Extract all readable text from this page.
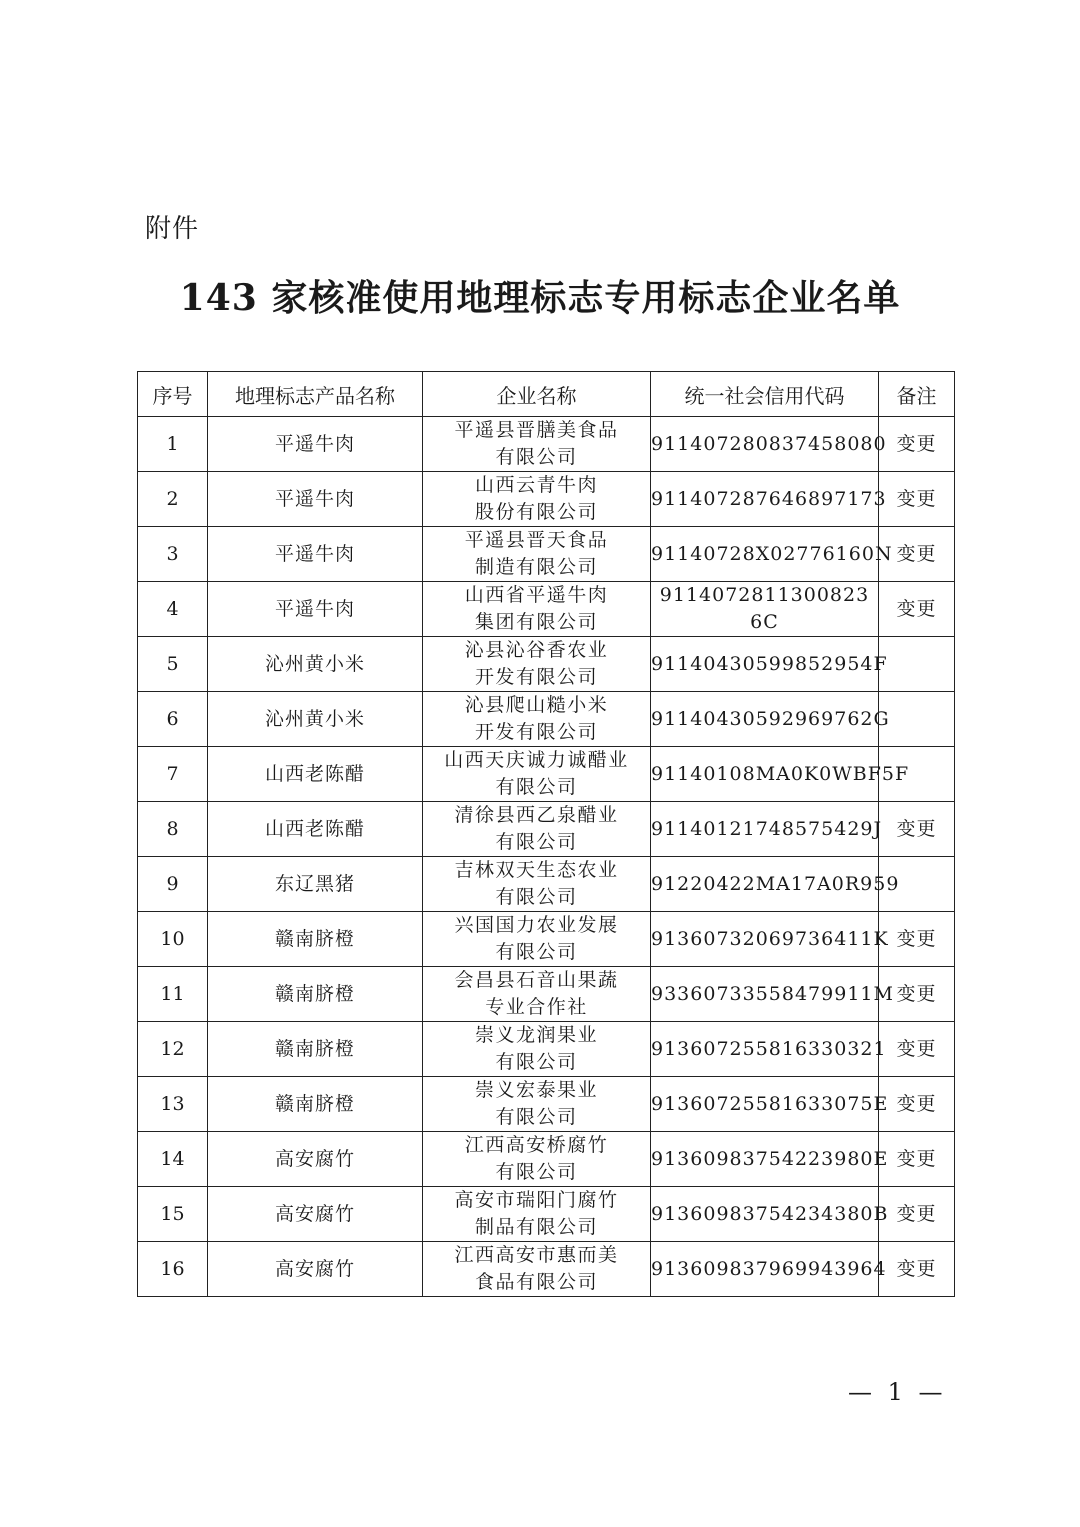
附件
143 家核准使用地理标志专用标志企业名单
序号	地理标志产品名称	企业名称	统一社会信用代码	备注
1	平遥牛肉	平遥县晋膳美食品
有限公司	911407280837458080	变更
2	平遥牛肉	山西云青牛肉
股份有限公司	911407287646897173	变更
3	平遥牛肉	平遥县晋天食品
制造有限公司	91140728X02776160N	变更
4	平遥牛肉	山西省平遥牛肉
集团有限公司	9114072811300823 6C	变更
5	沁州黄小米	沁县沁谷香农业
开发有限公司	91140430599852954F	
6	沁州黄小米	沁县爬山糙小米
开发有限公司	91140430592969762G	
7	山西老陈醋	山西天庆诚力诚醋业
有限公司	91140108MA0K0WBF5F	
8	山西老陈醋	清徐县西乙泉醋业
有限公司	91140121748575429J	变更
9	东辽黑猪	吉林双天生态农业
有限公司	91220422MA17A0R959	
10	赣南脐橙	兴国国力农业发展
有限公司	91360732069736411K	变更
11	赣南脐橙	会昌县石音山果蔬
专业合作社	93360733558479911M	变更
12	赣南脐橙	崇义龙润果业
有限公司	913607255816330321	变更
13	赣南脐橙	崇义宏泰果业
有限公司	91360725581633075E	变更
14	高安腐竹	江西高安桥腐竹
有限公司	91360983754223980E	变更
15	高安腐竹	高安市瑞阳门腐竹
制品有限公司	91360983754234380B	变更
16	高安腐竹	江西高安市惠而美
食品有限公司	913609837969943964	变更
— 1 —
